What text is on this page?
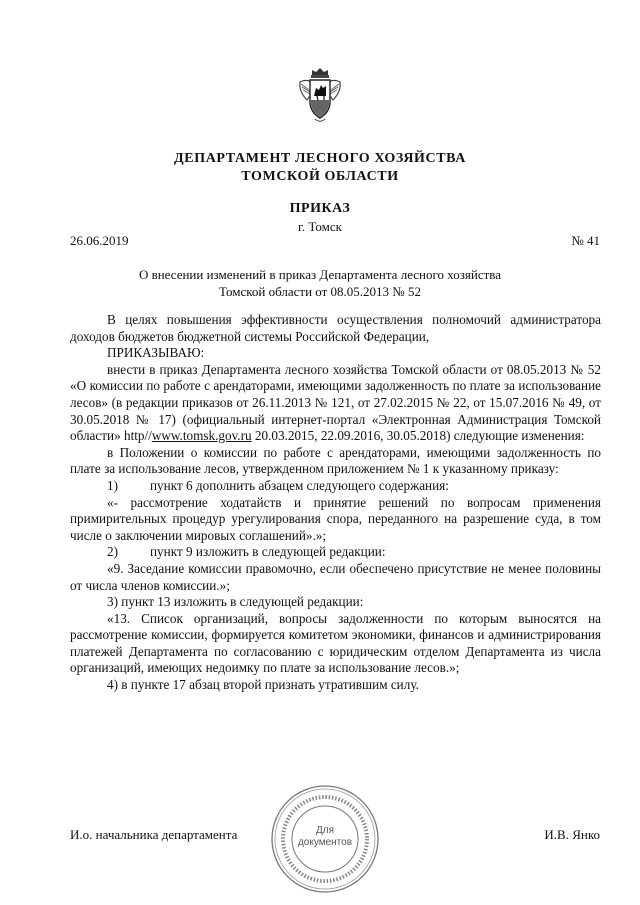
ДЕПАРТАМЕНТ ЛЕСНОГО ХОЗЯЙСТВА
ТОМСКОЙ ОБЛАСТИ
ПРИКАЗ
г. Томск
26.06.2019	№ 41
О внесении изменений в приказ Департамента лесного хозяйства
Томской области от 08.05.2013 № 52

В целях повышения эффективности осуществления полномочий администратора доходов бюджетов бюджетной системы Российской Федерации,

ПРИКАЗЫВАЮ:

внести в приказ Департамента лесного хозяйства Томской области от 08.05.2013 № 52 «О комиссии по работе с арендаторами, имеющими задолженность по плате за использование лесов» (в редакции приказов от 26.11.2013 № 121, от 27.02.2015 № 22, от 15.07.2016 № 49, от 30.05.2018 № 17) (официальный интернет-портал «Электронная Администрация Томской области» http//www.tomsk.gov.ru 20.03.2015, 22.09.2016, 30.05.2018) следующие изменения:

в Положении о комиссии по работе с арендаторами, имеющими задолженность по плате за использование лесов, утвержденном приложением № 1 к указанному приказу:

1) пункт 6 дополнить абзацем следующего содержания:

«- рассмотрение ходатайств и принятие решений по вопросам применения примирительных процедур урегулирования спора, переданного на разрешение суда, в том числе о заключении мировых соглашений».»;

2) пункт 9 изложить в следующей редакции:

«9. Заседание комиссии правомочно, если обеспечено присутствие не менее половины от числа членов комиссии.»;

3) пункт 13 изложить в следующей редакции:

«13. Список организаций, вопросы задолженности по которым выносятся на рассмотрение комиссии, формируется комитетом экономики, финансов и администрирования платежей Департамента по согласованию с юридическим отделом Департамента из числа организаций, имеющих недоимку по плате за использование лесов.»;

4) в пункте 17 абзац второй признать утратившим силу.

Для
документов
И.о. начальника департамента	И.В. Янко
